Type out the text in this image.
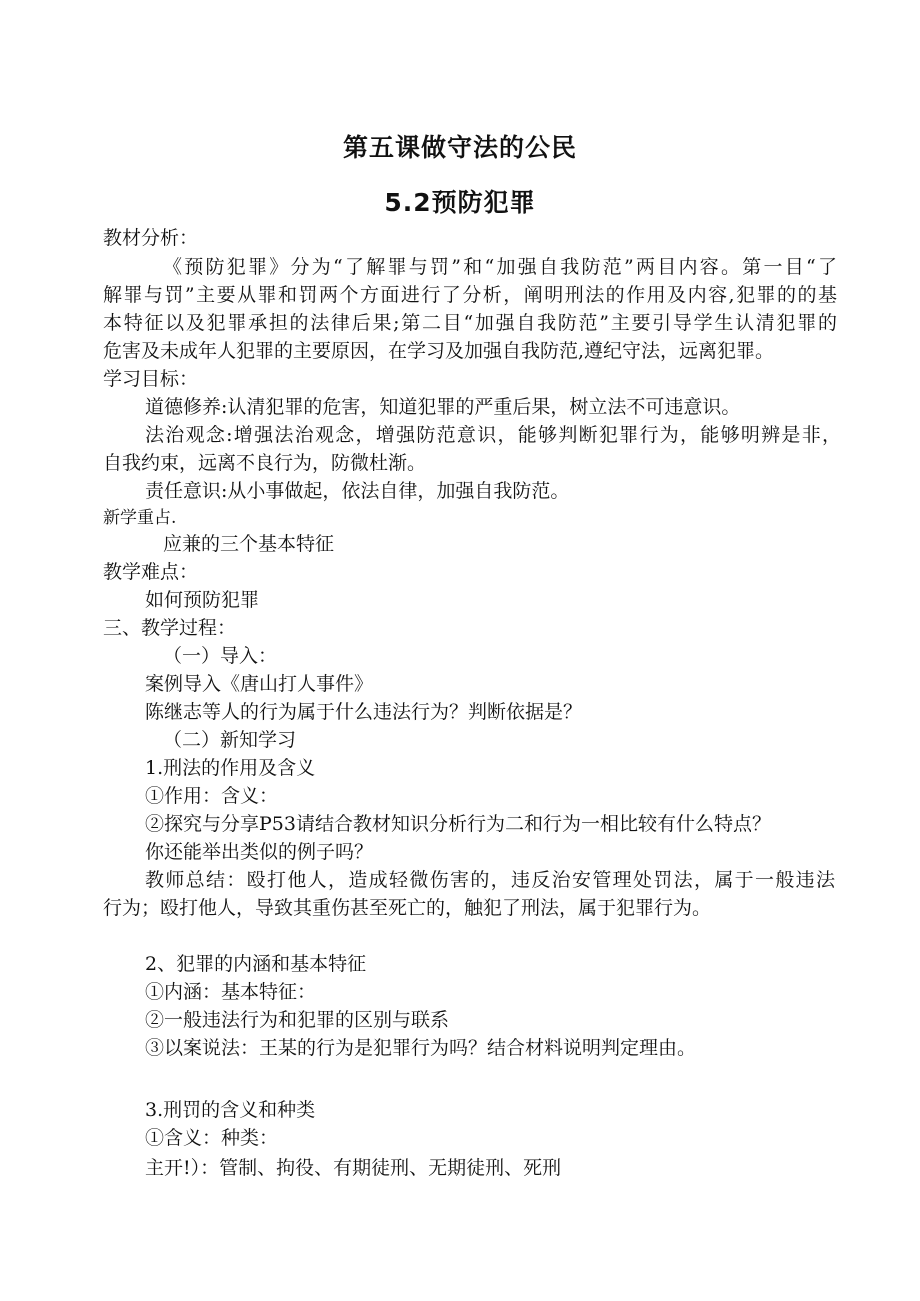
第五课做守法的公民
5.2预防犯罪
教材分析：
《预防犯罪》分为“了解罪与罚”和“加强自我防范”两目内容。第一目“了
解罪与罚”主要从罪和罚两个方面进行了分析，阐明刑法的作用及内容,犯罪的的基
本特征以及犯罪承担的法律后果;第二目“加强自我防范”主要引导学生认清犯罪的
危害及未成年人犯罪的主要原因，在学习及加强自我防范,遵纪守法，远离犯罪。
学习目标：
道德修养:认清犯罪的危害，知道犯罪的严重后果，树立法不可违意识。
法治观念:增强法治观念，增强防范意识，能够判断犯罪行为，能够明辨是非，
自我约束，远离不良行为，防微杜渐。
责任意识:从小事做起，依法自律，加强自我防范。
新学重占.
应兼的三个基本特征
教学难点：
如何预防犯罪
三、教学过程：
（一）导入：
案例导入《唐山打人事件》
陈继志等人的行为属于什么违法行为？判断依据是？
（二）新知学习
1.刑法的作用及含义
①作用：含义：
②探究与分享P53请结合教材知识分析行为二和行为一相比较有什么特点？
你还能举出类似的例子吗？
教师总结：殴打他人，造成轻微伤害的，违反治安管理处罚法，属于一般违法
行为；殴打他人，导致其重伤甚至死亡的，触犯了刑法，属于犯罪行为。
2、犯罪的内涵和基本特征
①内涵：基本特征：
②一般违法行为和犯罪的区别与联系
③以案说法：王某的行为是犯罪行为吗？结合材料说明判定理由。
3.刑罚的含义和种类
①含义：种类：
主开!）：管制、拘役、有期徒刑、无期徒刑、死刑
